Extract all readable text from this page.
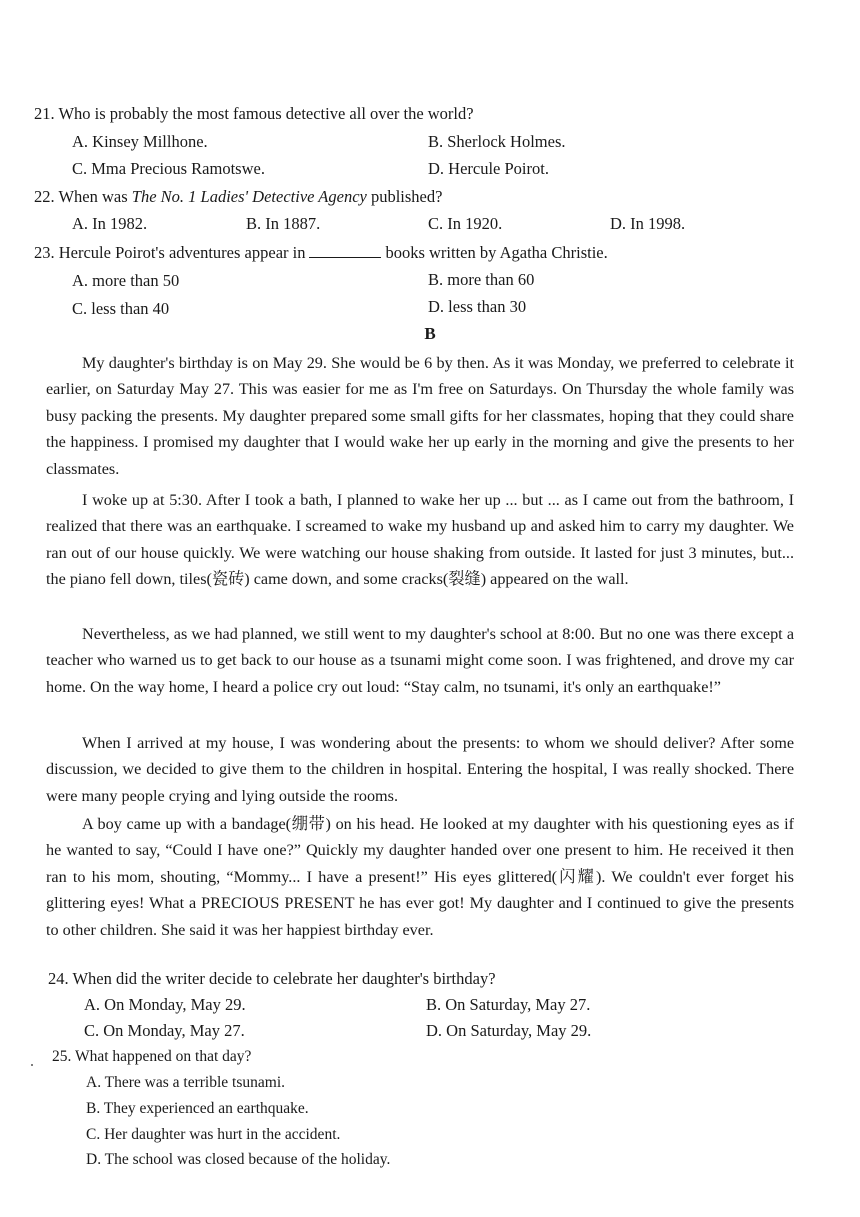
21. Who is probably the most famous detective all over the world?
A. Kinsey Millhone.	B. Sherlock Holmes.
C. Mma Precious Ramotswe.	D. Hercule Poirot.
22. When was The No. 1 Ladies' Detective Agency published?
A. In 1982.	B. In 1887.	C. In 1920.	D. In 1998.
23. Hercule Poirot's adventures appear in	books written by Agatha Christie.
A. more than 50	B. more than 60
C. less than 40	D. less than 30
B
My daughter's birthday is on May 29. She would be 6 by then. As it was Monday, we preferred to celebrate it earlier, on Saturday May 27. This was easier for me as I'm free on Saturdays. On Thursday the whole family was busy packing the presents. My daughter prepared some small gifts for her classmates, hoping that they could share the happiness. I promised my daughter that I would wake her up early in the morning and give the presents to her classmates.
I woke up at 5:30. After I took a bath, I planned to wake her up ... but ... as I came out from the bathroom, I realized that there was an earthquake. I screamed to wake my husband up and asked him to carry my daughter. We ran out of our house quickly. We were watching our house shaking from outside. It lasted for just 3 minutes, but... the piano fell down, tiles(瓷砖) came down, and some cracks(裂缝) appeared on the wall.
Nevertheless, as we had planned, we still went to my daughter's school at 8:00. But no one was there except a teacher who warned us to get back to our house as a tsunami might come soon. I was frightened, and drove my car home. On the way home, I heard a police cry out loud: “Stay calm, no tsunami, it's only an earthquake!”
When I arrived at my house, I was wondering about the presents: to whom we should deliver? After some discussion, we decided to give them to the children in hospital. Entering the hospital, I was really shocked. There were many people crying and lying outside the rooms.
A boy came up with a bandage(绷带) on his head. He looked at my daughter with his questioning eyes as if he wanted to say, “Could I have one?” Quickly my daughter handed over one present to him. He received it then ran to his mom, shouting, “Mommy... I have a present!” His eyes glittered(闪耀). We couldn't ever forget his glittering eyes! What a PRECIOUS PRESENT he has ever got! My daughter and I continued to give the presents to other children. She said it was her happiest birthday ever.
24. When did the writer decide to celebrate her daughter's birthday?
A. On Monday, May 29.	B. On Saturday, May 27.
C. On Monday, May 27.	D. On Saturday, May 29.
25. What happened on that day?
A. There was a terrible tsunami.
B. They experienced an earthquake.
C. Her daughter was hurt in the accident.
D. The school was closed because of the holiday.
